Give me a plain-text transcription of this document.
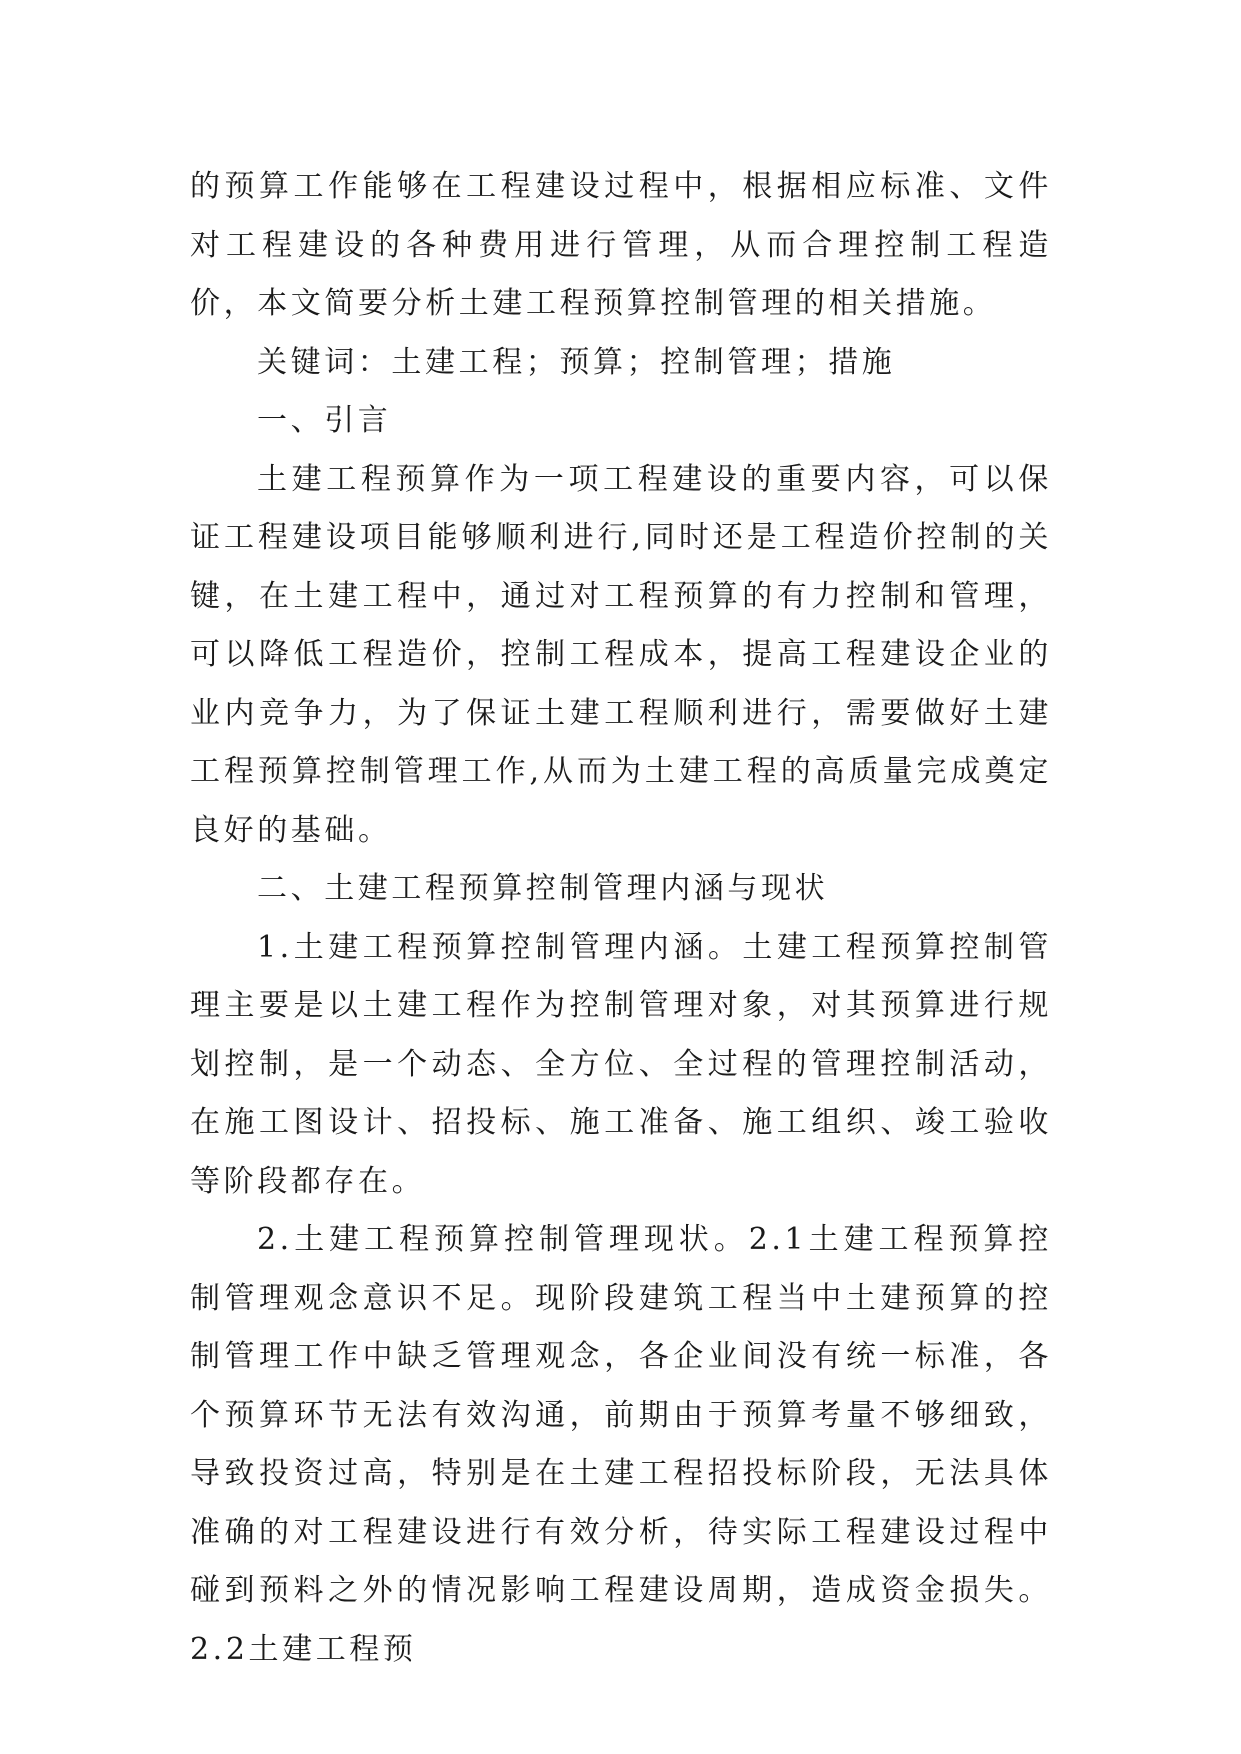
的预算工作能够在工程建设过程中，根据相应标准、文件对工程建设的各种费用进行管理，从而合理控制工程造价，本文简要分析土建工程预算控制管理的相关措施。

关键词：土建工程；预算；控制管理；措施

一、引言

土建工程预算作为一项工程建设的重要内容，可以保证工程建设项目能够顺利进行,同时还是工程造价控制的关键，在土建工程中，通过对工程预算的有力控制和管理，可以降低工程造价，控制工程成本，提高工程建设企业的业内竞争力，为了保证土建工程顺利进行，需要做好土建工程预算控制管理工作,从而为土建工程的高质量完成奠定良好的基础。

二、土建工程预算控制管理内涵与现状

1.土建工程预算控制管理内涵。土建工程预算控制管理主要是以土建工程作为控制管理对象，对其预算进行规划控制，是一个动态、全方位、全过程的管理控制活动，在施工图设计、招投标、施工准备、施工组织、竣工验收等阶段都存在。

2.土建工程预算控制管理现状。2.1土建工程预算控制管理观念意识不足。现阶段建筑工程当中土建预算的控制管理工作中缺乏管理观念，各企业间没有统一标准，各个预算环节无法有效沟通，前期由于预算考量不够细致，导致投资过高，特别是在土建工程招投标阶段，无法具体准确的对工程建设进行有效分析，待实际工程建设过程中碰到预料之外的情况影响工程建设周期，造成资金损失。2.2土建工程预
